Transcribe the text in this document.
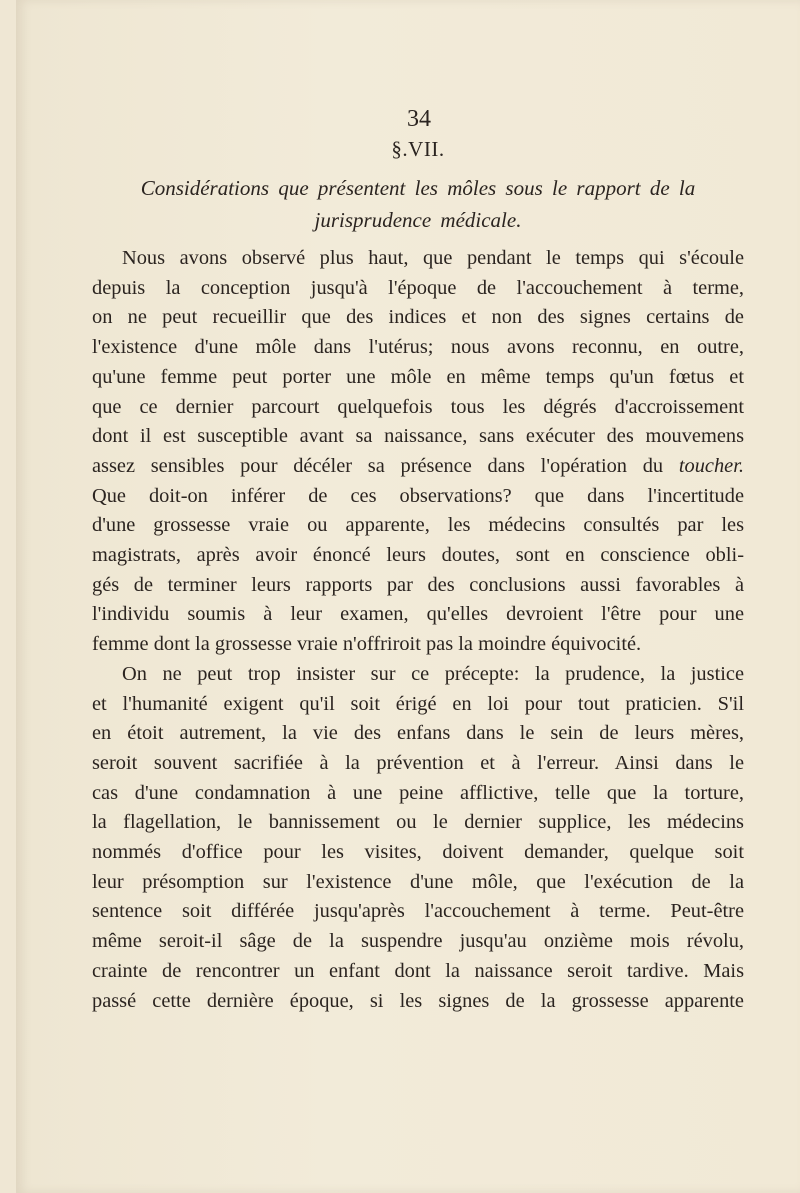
34
§.VII.
Considérations que présentent les môles sous le rapport de la
jurisprudence médicale.
Nous avons observé plus haut, que pendant le temps qui s'écoule
depuis la conception jusqu'à l'époque de l'accouchement à terme,
on ne peut recueillir que des indices et non des signes certains de
l'existence d'une môle dans l'utérus; nous avons reconnu, en outre,
qu'une femme peut porter une môle en même temps qu'un fœtus et
que ce dernier parcourt quelquefois tous les dégrés d'accroissement
dont il est susceptible avant sa naissance, sans exécuter des mouvemens
assez sensibles pour décéler sa présence dans l'opération du toucher.
Que doit-on inférer de ces observations? que dans l'incertitude
d'une grossesse vraie ou apparente, les médecins consultés par les
magistrats, après avoir énoncé leurs doutes, sont en conscience obli-
gés de terminer leurs rapports par des conclusions aussi favorables à
l'individu soumis à leur examen, qu'elles devroient l'être pour une
femme dont la grossesse vraie n'offriroit pas la moindre équivocité.
On ne peut trop insister sur ce précepte: la prudence, la justice
et l'humanité exigent qu'il soit érigé en loi pour tout praticien. S'il
en étoit autrement, la vie des enfans dans le sein de leurs mères,
seroit souvent sacrifiée à la prévention et à l'erreur. Ainsi dans le
cas d'une condamnation à une peine afflictive, telle que la torture,
la flagellation, le bannissement ou le dernier supplice, les médecins
nommés d'office pour les visites, doivent demander, quelque soit
leur présomption sur l'existence d'une môle, que l'exécution de la
sentence soit différée jusqu'après l'accouchement à terme. Peut-être
même seroit-il sâge de la suspendre jusqu'au onzième mois révolu,
crainte de rencontrer un enfant dont la naissance seroit tardive. Mais
passé cette dernière époque, si les signes de la grossesse apparente
